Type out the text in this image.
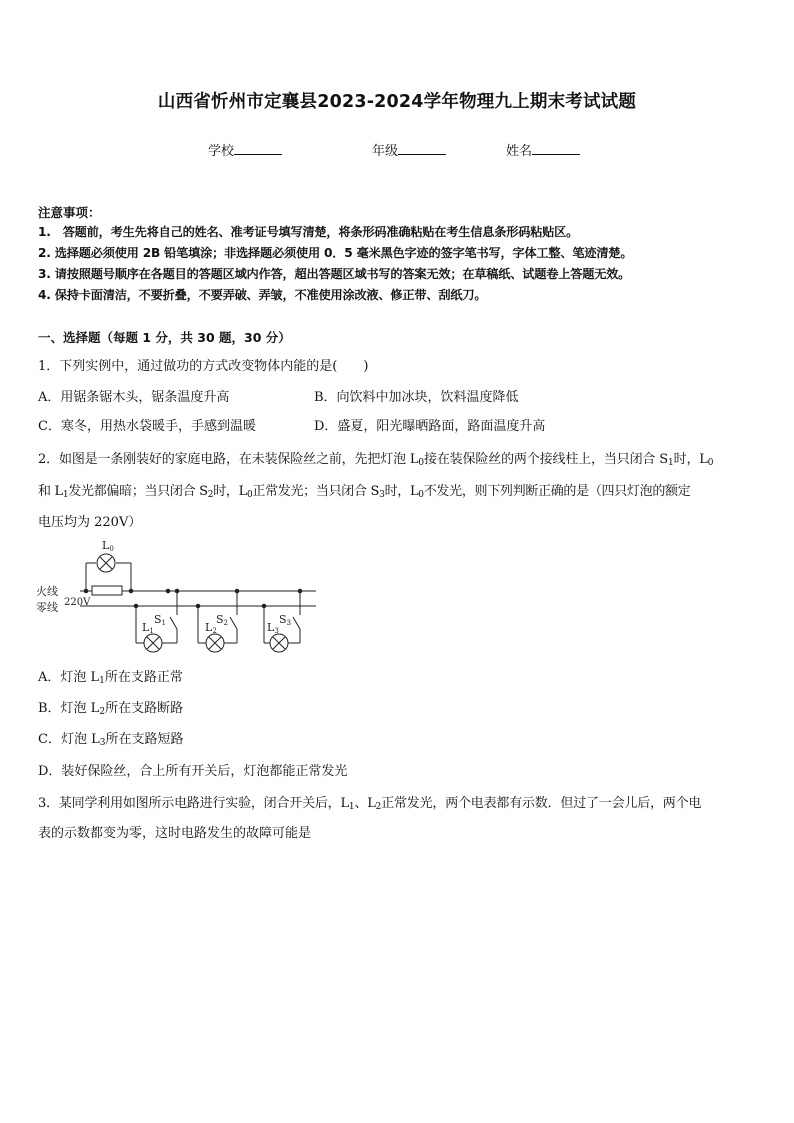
山西省忻州市定襄县2023-2024学年物理九上期末考试试题
学校	年级	姓名
注意事项：
1.　答题前，考生先将自己的姓名、准考证号填写清楚，将条形码准确粘贴在考生信息条形码粘贴区。
2. 选择题必须使用 2B 铅笔填涂；非选择题必须使用 0．5 毫米黑色字迹的签字笔书写，字体工整、笔迹清楚。
3. 请按照题号顺序在各题目的答题区域内作答，超出答题区域书写的答案无效；在草稿纸、试题卷上答题无效。
4. 保持卡面清洁，不要折叠，不要弄破、弄皱，不准使用涂改液、修正带、刮纸刀。
一、选择题（每题 1 分，共 30 题，30 分）
1．下列实例中，通过做功的方式改变物体内能的是(　　)
A．用锯条锯木头，锯条温度升高	B．向饮料中加冰块，饮料温度降低
C．寒冬，用热水袋暖手，手感到温暖	D．盛夏，阳光曝晒路面，路面温度升高
2．如图是一条刚装好的家庭电路，在未装保险丝之前，先把灯泡 $L_0$接在装保险丝的两个接线柱上，当只闭合 $S_1$时，$L_0$
和 $L_1$发光都偏暗；当只闭合 $S_2$时，$L_0$正常发光；当只闭合 $S_3$时，$L_0$不发光，则下列判断正确的是（四只灯泡的额定
电压均为 220V）
火线
零线 220V
L0
S1
L1
S2
L2
S3
L3
A．灯泡 $L_1$所在支路正常
B．灯泡 $L_2$所在支路断路
C．灯泡 $L_3$所在支路短路
D．装好保险丝，合上所有开关后，灯泡都能正常发光
3．某同学利用如图所示电路进行实验，闭合开关后，$L_1$、$L_2$正常发光，两个电表都有示数．但过了一会儿后，两个电
表的示数都变为零，这时电路发生的故障可能是
